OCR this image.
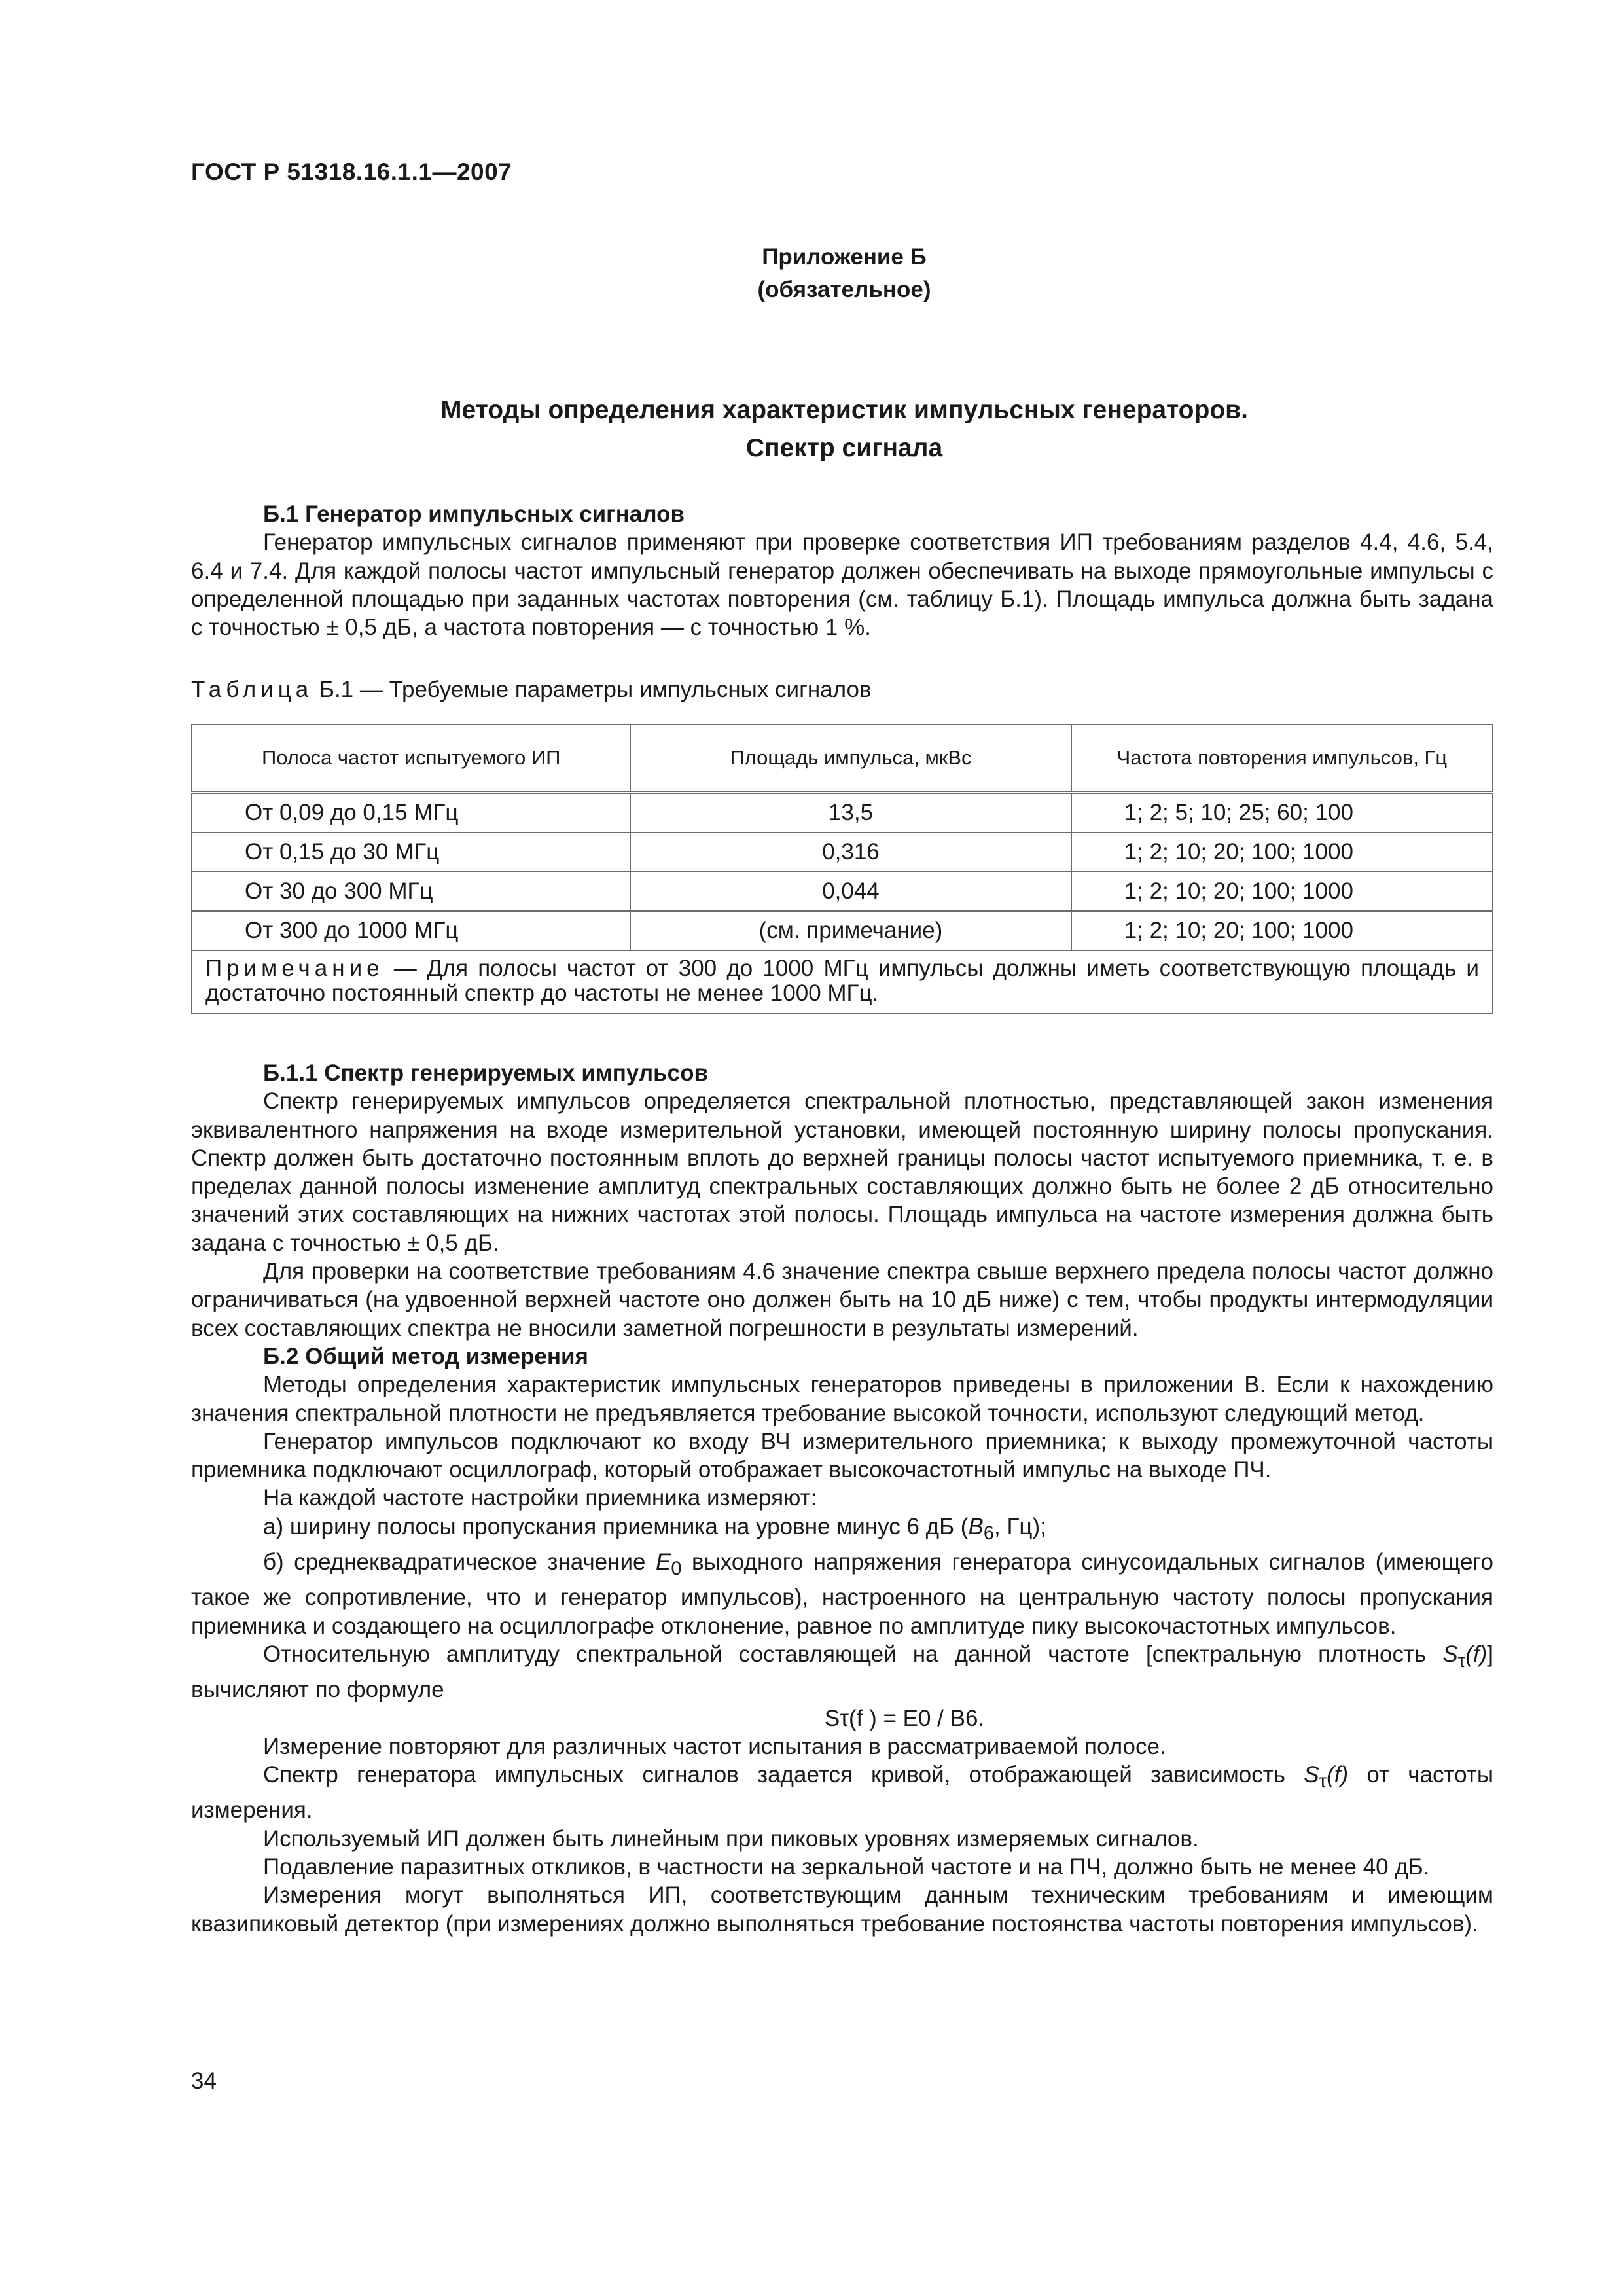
ГОСТ Р 51318.16.1.1—2007
Приложение Б
(обязательное)
Методы определения характеристик импульсных генераторов.
Спектр сигнала
Б.1 Генератор импульсных сигналов

Генератор импульсных сигналов применяют при проверке соответствия ИП требованиям разделов 4.4, 4.6, 5.4, 6.4 и 7.4. Для каждой полосы частот импульсный генератор должен обеспечивать на выходе прямоугольные импульсы с определенной площадью при заданных частотах повторения (см. таблицу Б.1). Площадь импульса должна быть задана с точностью ± 0,5 дБ, а частота повторения — с точностью 1 %.

Таблица Б.1 — Требуемые параметры импульсных сигналов
Полоса частот испытуемого ИП	Площадь импульса, мкВс	Частота повторения импульсов, Гц
От 0,09 до 0,15 МГц	13,5	1; 2; 5; 10; 25; 60; 100
От 0,15 до 30 МГц	0,316	1; 2; 10; 20; 100; 1000
От 30 до 300 МГц	0,044	1; 2; 10; 20; 100; 1000
От 300 до 1000 МГц	(см. примечание)	1; 2; 10; 20; 100; 1000
Примечание — Для полосы частот от 300 до 1000 МГц импульсы должны иметь соответствующую площадь и достаточно постоянный спектр до частоты не менее 1000 МГц.		
Б.1.1 Спектр генерируемых импульсов

Спектр генерируемых импульсов определяется спектральной плотностью, представляющей закон изменения эквивалентного напряжения на входе измерительной установки, имеющей постоянную ширину полосы пропускания. Спектр должен быть достаточно постоянным вплоть до верхней границы полосы частот испытуемого приемника, т. е. в пределах данной полосы изменение амплитуд спектральных составляющих должно быть не более 2 дБ относительно значений этих составляющих на нижних частотах этой полосы. Площадь импульса на частоте измерения должна быть задана с точностью ± 0,5 дБ.

Для проверки на соответствие требованиям 4.6 значение спектра свыше верхнего предела полосы частот должно ограничиваться (на удвоенной верхней частоте оно должен быть на 10 дБ ниже) с тем, чтобы продукты интермодуляции всех составляющих спектра не вносили заметной погрешности в результаты измерений.

Б.2 Общий метод измерения

Методы определения характеристик импульсных генераторов приведены в приложении В. Если к нахождению значения спектральной плотности не предъявляется требование высокой точности, используют следующий метод.

Генератор импульсов подключают ко входу ВЧ измерительного приемника; к выходу промежуточной частоты приемника подключают осциллограф, который отображает высокочастотный импульс на выходе ПЧ.

На каждой частоте настройки приемника измеряют:

а) ширину полосы пропускания приемника на уровне минус 6 дБ ($B_6$, Гц);

б) среднеквадратическое значение $E_0$ выходного напряжения генератора синусоидальных сигналов (имеющего такое же сопротивление, что и генератор импульсов), настроенного на центральную частоту полосы пропускания приемника и создающего на осциллографе отклонение, равное по амплитуде пику высокочастотных импульсов.

Относительную амплитуду спектральной составляющей на данной частоте [спектральную плотность $S_\tau(f)$] вычисляют по формуле

Sτ(f ) = E0 / B6.

Измерение повторяют для различных частот испытания в рассматриваемой полосе.

Спектр генератора импульсных сигналов задается кривой, отображающей зависимость $S_\tau(f)$ от частоты измерения.

Используемый ИП должен быть линейным при пиковых уровнях измеряемых сигналов.

Подавление паразитных откликов, в частности на зеркальной частоте и на ПЧ, должно быть не менее 40 дБ.

Измерения могут выполняться ИП, соответствующим данным техническим требованиям и имеющим квазипиковый детектор (при измерениях должно выполняться требование постоянства частоты повторения импульсов).

34
